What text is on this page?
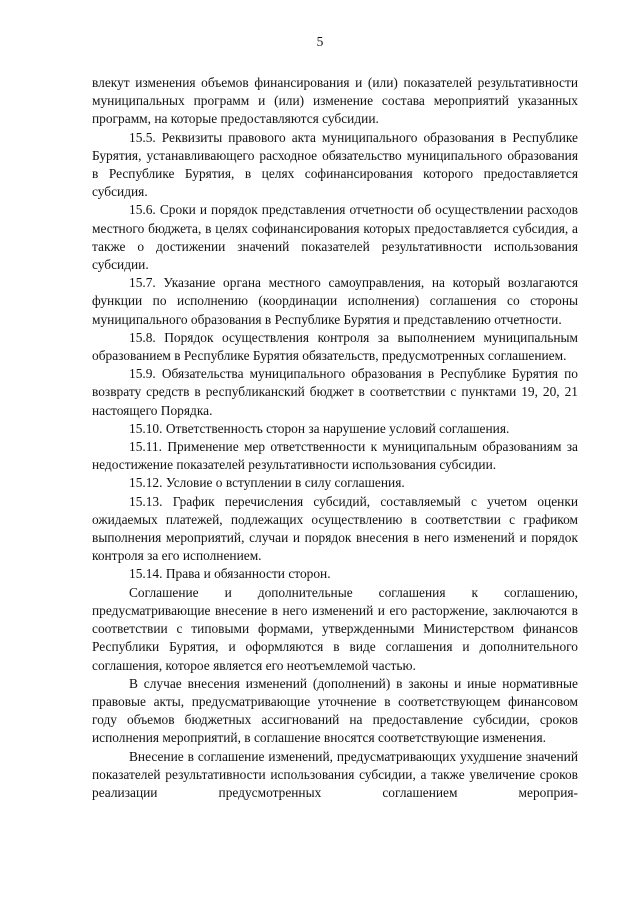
5

влекут изменения объемов финансирования и (или) показателей результативности муниципальных программ и (или) изменение состава мероприятий указанных программ, на которые предоставляются субсидии.

15.5. Реквизиты правового акта муниципального образования в Республике Бурятия, устанавливающего расходное обязательство муниципального образования в Республике Бурятия, в целях софинансирования которого предоставляется субсидия.

15.6. Сроки и порядок представления отчетности об осуществлении расходов местного бюджета, в целях софинансирования которых предоставляется субсидия, а также о достижении значений показателей результативности использования субсидии.

15.7. Указание органа местного самоуправления, на который возлагаются функции по исполнению (координации исполнения) соглашения со стороны муниципального образования в Республике Бурятия и представлению отчетности.

15.8. Порядок осуществления контроля за выполнением муниципальным образованием в Республике Бурятия обязательств, предусмотренных соглашением.

15.9. Обязательства муниципального образования в Республике Бурятия по возврату средств в республиканский бюджет в соответствии с пунктами 19, 20, 21 настоящего Порядка.

15.10. Ответственность сторон за нарушение условий соглашения.

15.11. Применение мер ответственности к муниципальным образованиям за недостижение показателей результативности использования субсидии.

15.12. Условие о вступлении в силу соглашения.

15.13. График перечисления субсидий, составляемый с учетом оценки ожидаемых платежей, подлежащих осуществлению в соответствии с графиком выполнения мероприятий, случаи и порядок внесения в него изменений и порядок контроля за его исполнением.

15.14. Права и обязанности сторон.

Соглашение и дополнительные соглашения к соглашению, предусматривающие внесение в него изменений и его расторжение, заключаются в соответствии с типовыми формами, утвержденными Министерством финансов Республики Бурятия, и оформляются в виде соглашения и дополнительного соглашения, которое является его неотъемлемой частью.

В случае внесения изменений (дополнений) в законы и иные нормативные правовые акты, предусматривающие уточнение в соответствующем финансовом году объемов бюджетных ассигнований на предоставление субсидии, сроков исполнения мероприятий, в соглашение вносятся соответствующие изменения.

Внесение в соглашение изменений, предусматривающих ухудшение значений показателей результативности использования субсидии, а также увеличение сроков реализации предусмотренных соглашением мероприя-
